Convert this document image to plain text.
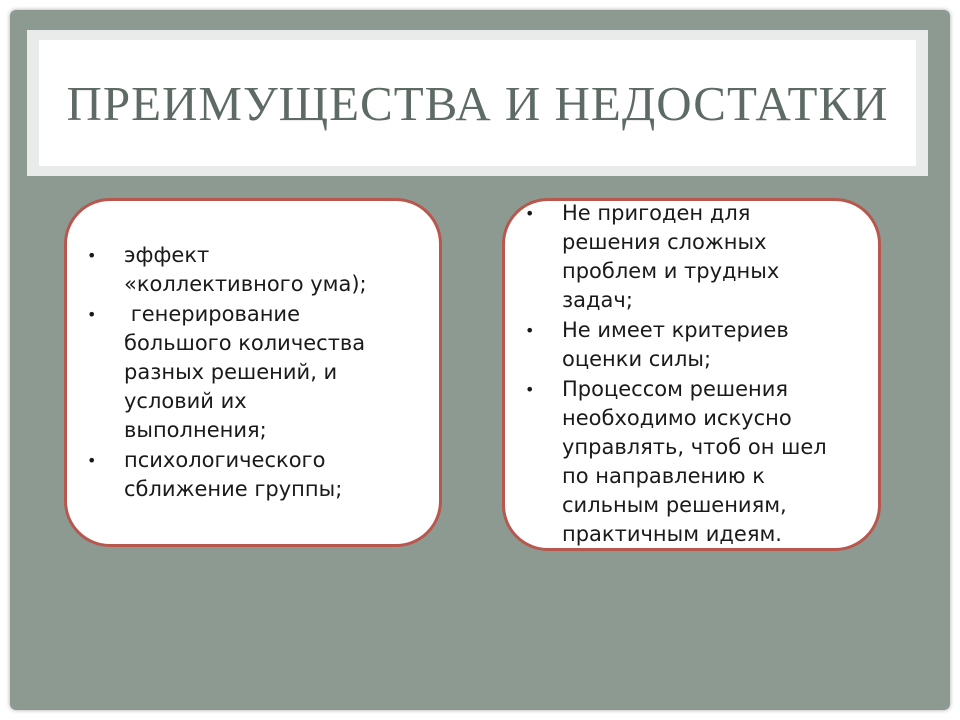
ПРЕИМУЩЕСТВА И НЕДОСТАТКИ
•	эффект «коллективного ума);
•	генерирование большого количества разных решений, и условий их выполнения;
•	психологического сближение группы;
•	Не пригоден для решения сложных проблем и трудных задач;
•	Не имеет критериев оценки силы;
•	Процессом решения необходимо искусно управлять, чтоб он шел по направлению к сильным решениям, практичным идеям.
